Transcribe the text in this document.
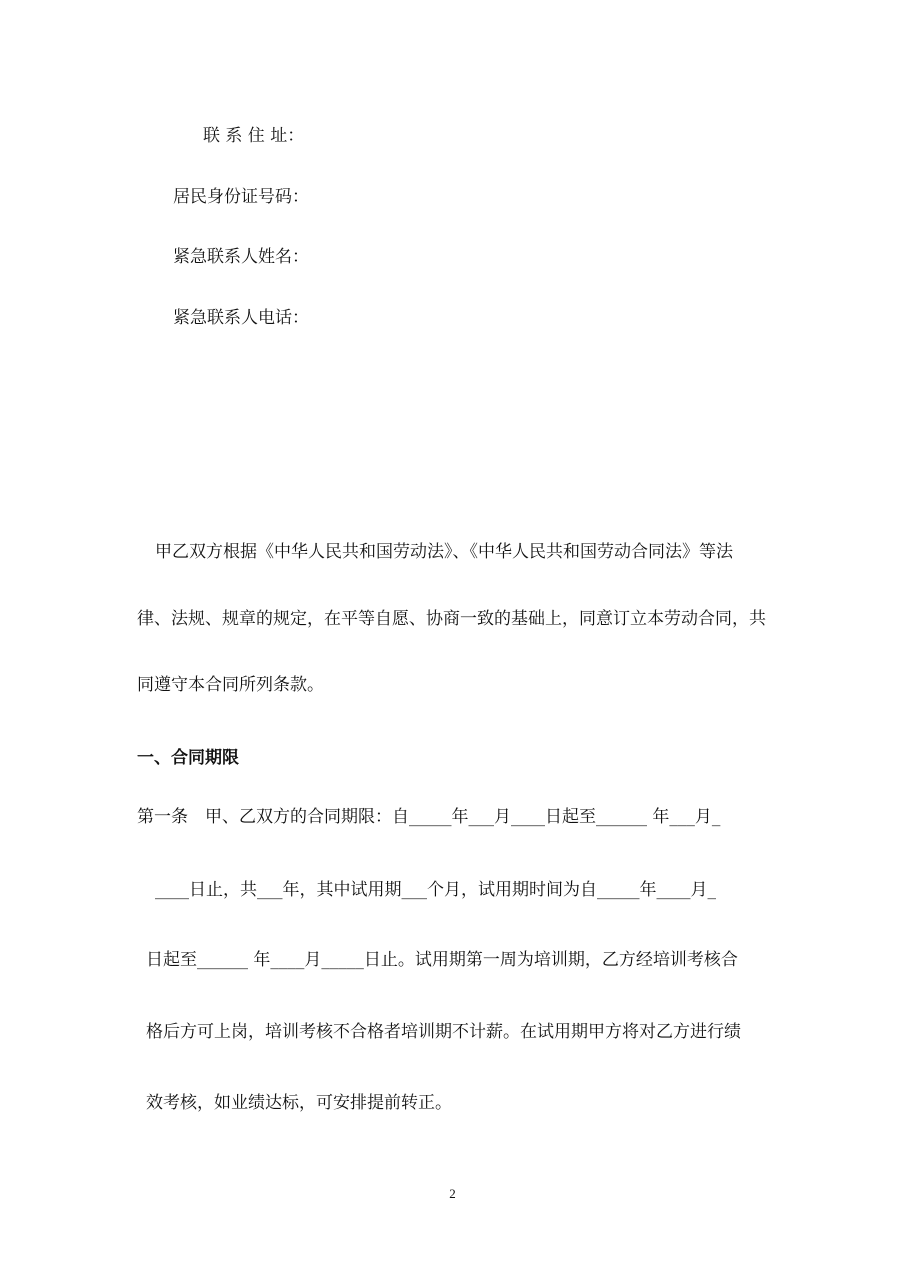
联 系 住 址：
居民身份证号码：
紧急联系人姓名：
紧急联系人电话：
甲乙双方根据《中华人民共和国劳动法》、《中华人民共和国劳动合同法》等法
律、法规、规章的规定，在平等自愿、协商一致的基础上，同意订立本劳动合同，共
同遵守本合同所列条款。
一、合同期限
第一条　甲、乙双方的合同期限：自_____年___月____日起至______ 年___月_
____日止，共___年，其中试用期___个月，试用期时间为自_____年____月_
日起至______ 年____月_____日止。试用期第一周为培训期，乙方经培训考核合
格后方可上岗，培训考核不合格者培训期不计薪。在试用期甲方将对乙方进行绩
效考核，如业绩达标，可安排提前转正。
2
